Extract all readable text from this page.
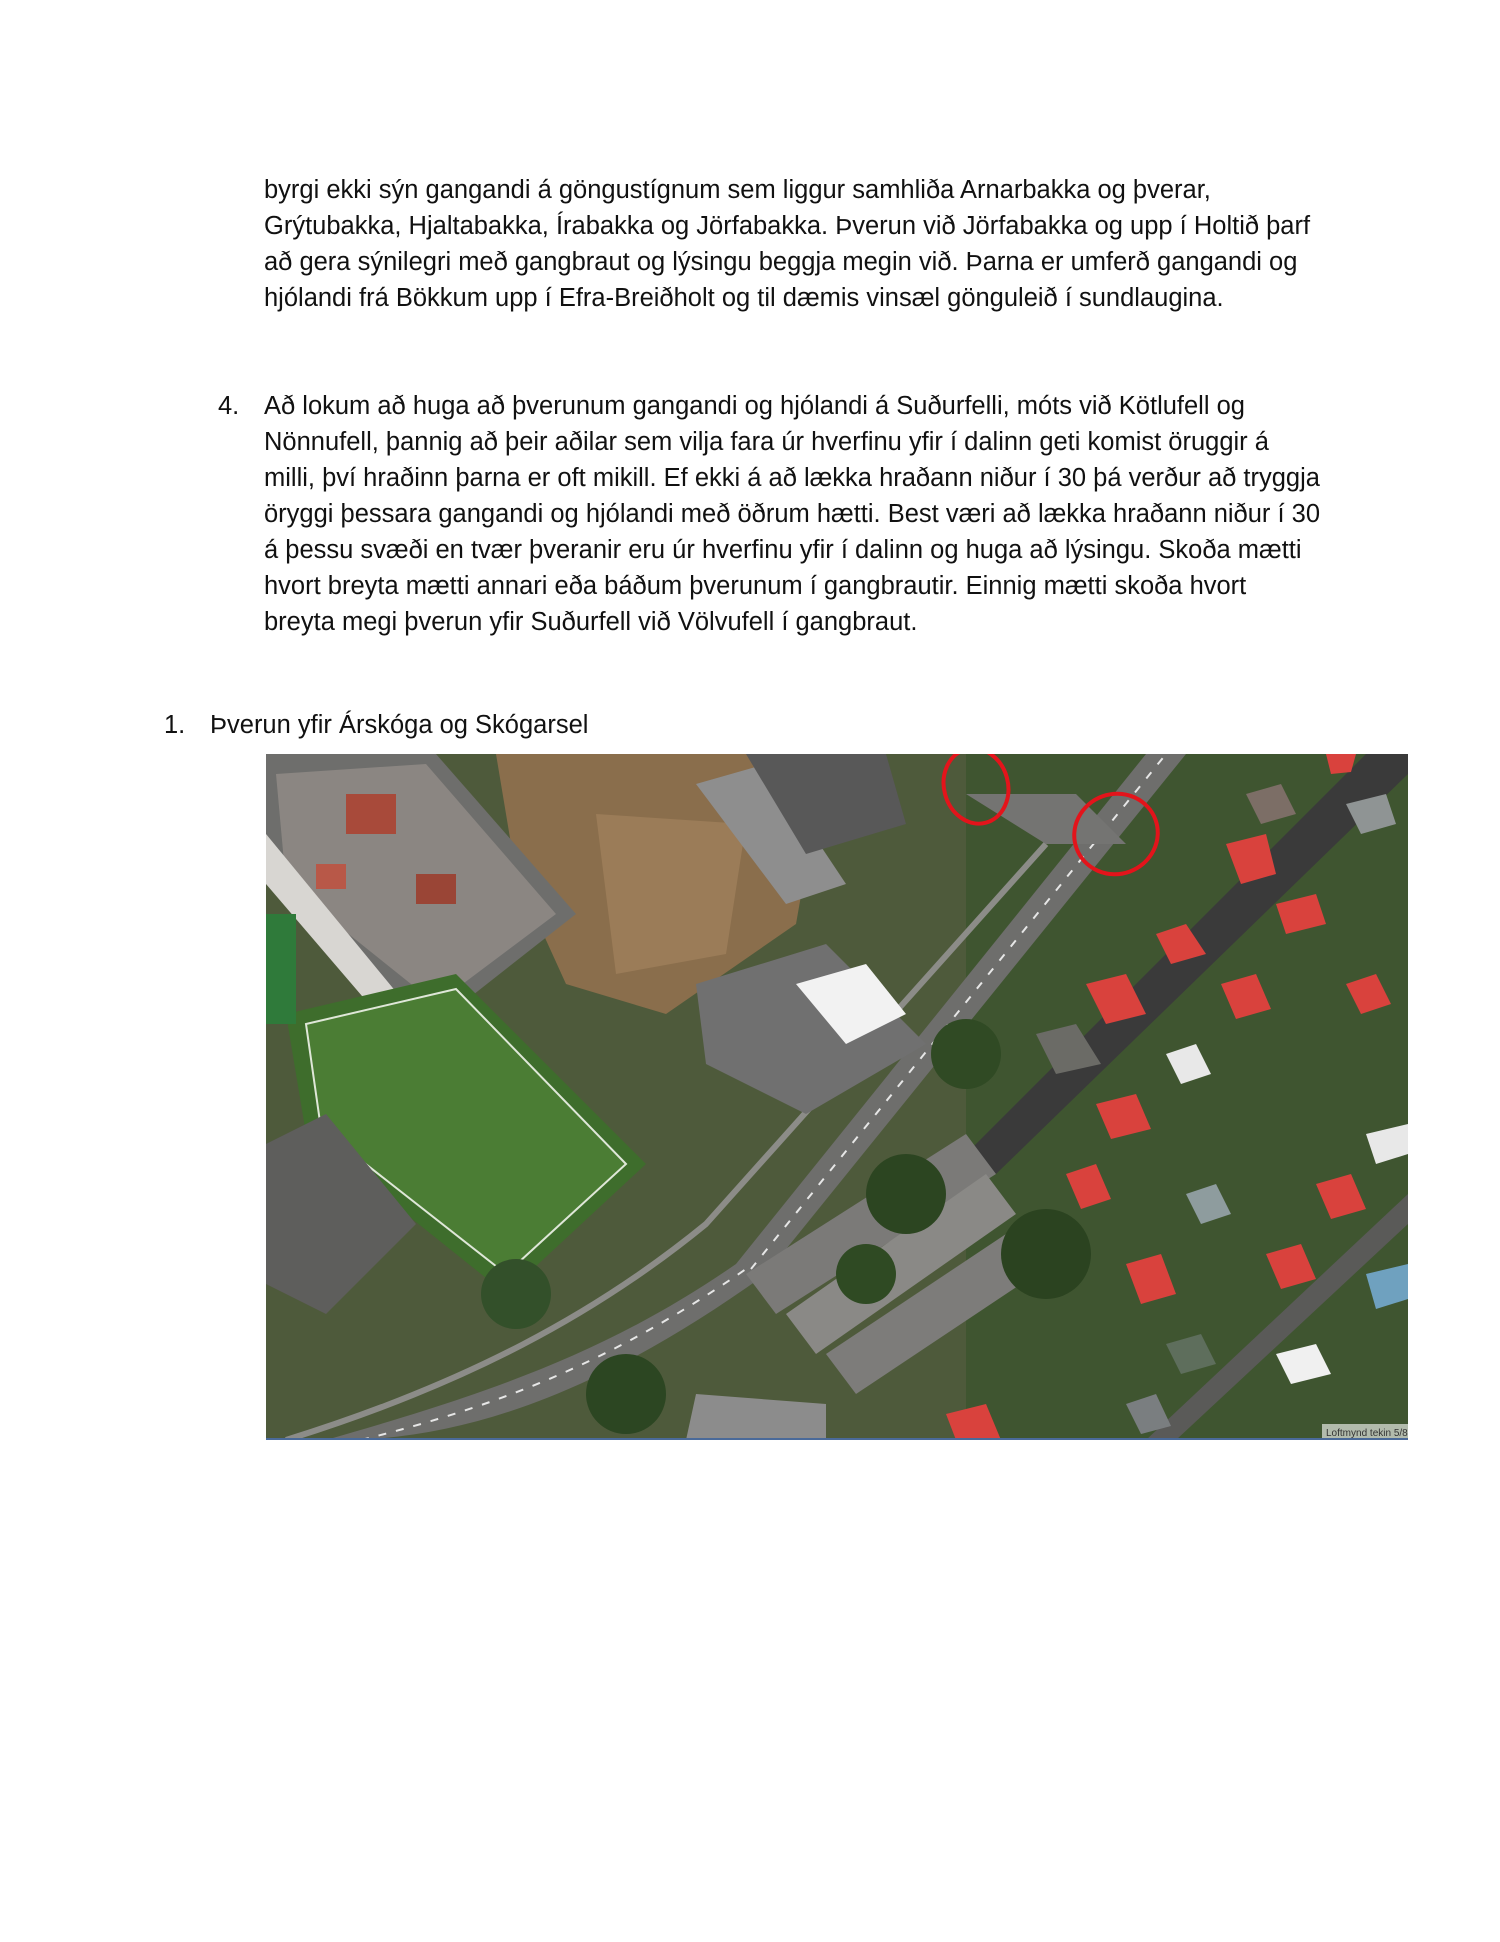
byrgi ekki sýn gangandi á göngustígnum sem liggur samhliða Arnarbakka og þverar, Grýtubakka, Hjaltabakka, Írabakka og Jörfabakka. Þverun við Jörfabakka og upp í Holtið þarf að gera sýnilegri með gangbraut og lýsingu beggja megin við. Þarna er umferð gangandi og hjólandi frá Bökkum upp í Efra-Breiðholt og til dæmis vinsæl gönguleið í sundlaugina.

4. Að lokum að huga að þverunum gangandi og hjólandi á Suðurfelli, móts við Kötlufell og Nönnufell, þannig að þeir aðilar sem vilja fara úr hverfinu yfir í dalinn geti komist öruggir á milli, því hraðinn þarna er oft mikill. Ef ekki á að lækka hraðann niður í 30 þá verður að tryggja öryggi þessara gangandi og hjólandi með öðrum hætti. Best væri að lækka hraðann niður í 30 á þessu svæði en tvær þveranir eru úr hverfinu yfir í dalinn og huga að lýsingu. Skoða mætti hvort breyta mætti annari eða báðum þverunum í gangbrautir. Einnig mætti skoða hvort breyta megi þverun yfir Suðurfell við Völvufell í gangbraut.
1. Þverun yfir Árskóga og Skógarsel
Loftmynd tekin 5/8
